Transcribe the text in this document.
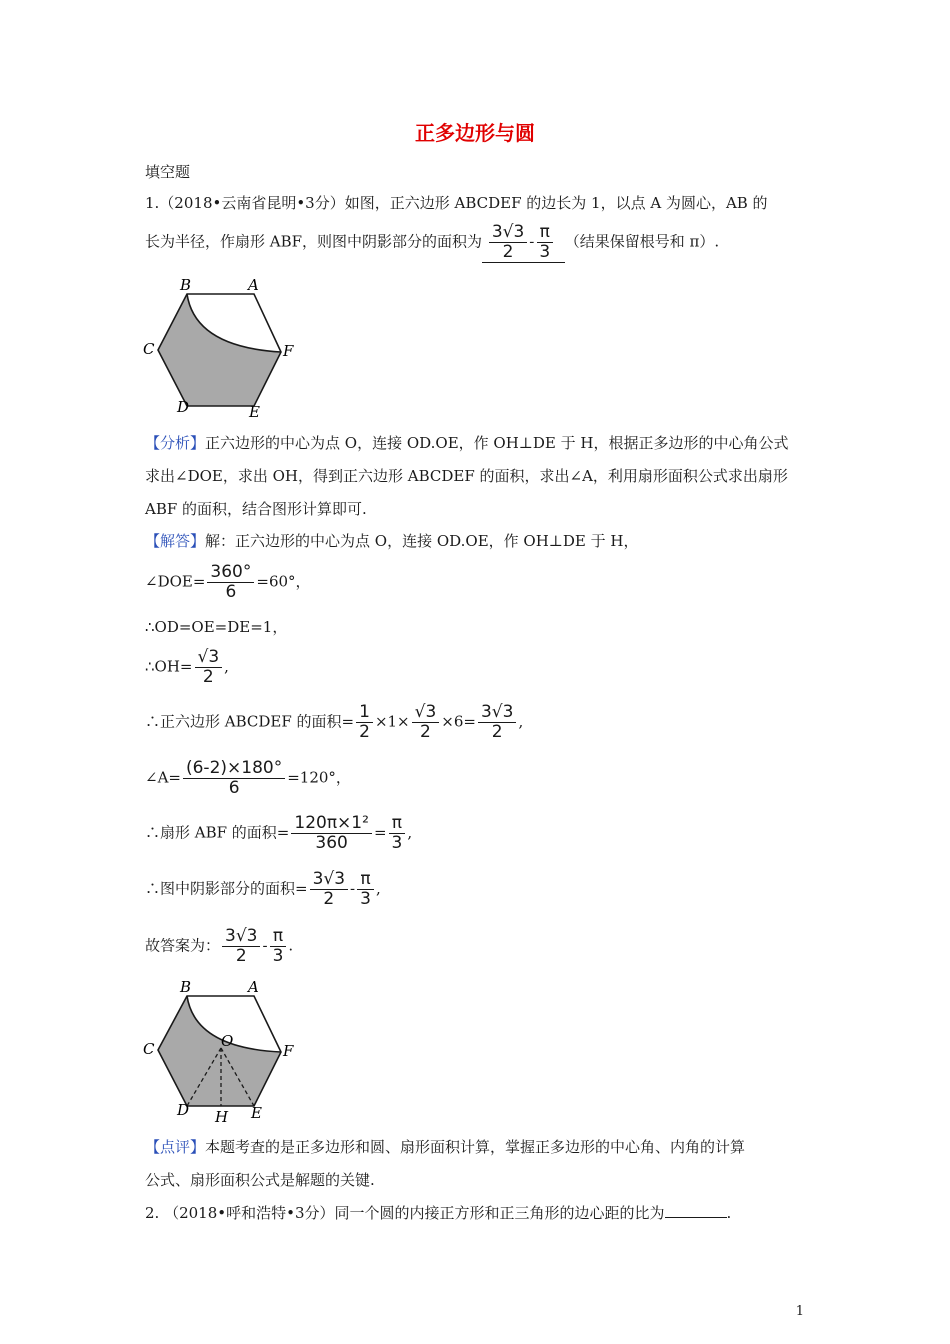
正多边形与圆
填空题
1.（2018•云南省昆明•3分）如图，正六边形 ABCDEF 的边长为 1，以点 A 为圆心，AB 的
长为半径，作扇形 ABF，则图中阴影部分的面积为 $\frac{3√3}{2} - \frac{\pi}{3}$ （结果保留根号和 π）.
B	A
C	F
D	E
【分析】正六边形的中心为点 O，连接 OD.OE，作 OH⊥DE 于 H，根据正多边形的中心角公式
求出∠DOE，求出 OH，得到正六边形 ABCDEF 的面积，求出∠A，利用扇形面积公式求出扇形
ABF 的面积，结合图形计算即可.
【解答】解：正六边形的中心为点 O，连接 OD.OE，作 OH⊥DE 于 H，
∠DOE= $\frac{360^\circ}{6} =60^\circ$，
∴OD=OE=DE=1，
∴OH= $\frac{√3}{2}$ ,
∴正六边形 ABCDEF 的面积= $\frac{1}{2} \times 1\times \frac{√3}{2} \times 6= \frac{3√3}{2}$ ,
∠A= $\frac{(6-2)\times 180^\circ}{6} =120^\circ$，
∴扇形 ABF 的面积= $\frac{\text{120π×1²}}{360} = \frac{\pi}{3}$ ,
∴图中阴影部分的面积= $\frac{3√3}{2} - \frac{\pi}{3}$ ,
故答案为： $\frac{3√3}{2} - \frac{\pi}{3}$ .
B	A
C	F
O
D H E
【点评】本题考查的是正多边形和圆、扇形面积计算，掌握正多边形的中心角、内角的计算
公式、扇形面积公式是解题的关键.
2. （2018•呼和浩特•3分）同一个圆的内接正方形和正三角形的边心距的比为	.
1
